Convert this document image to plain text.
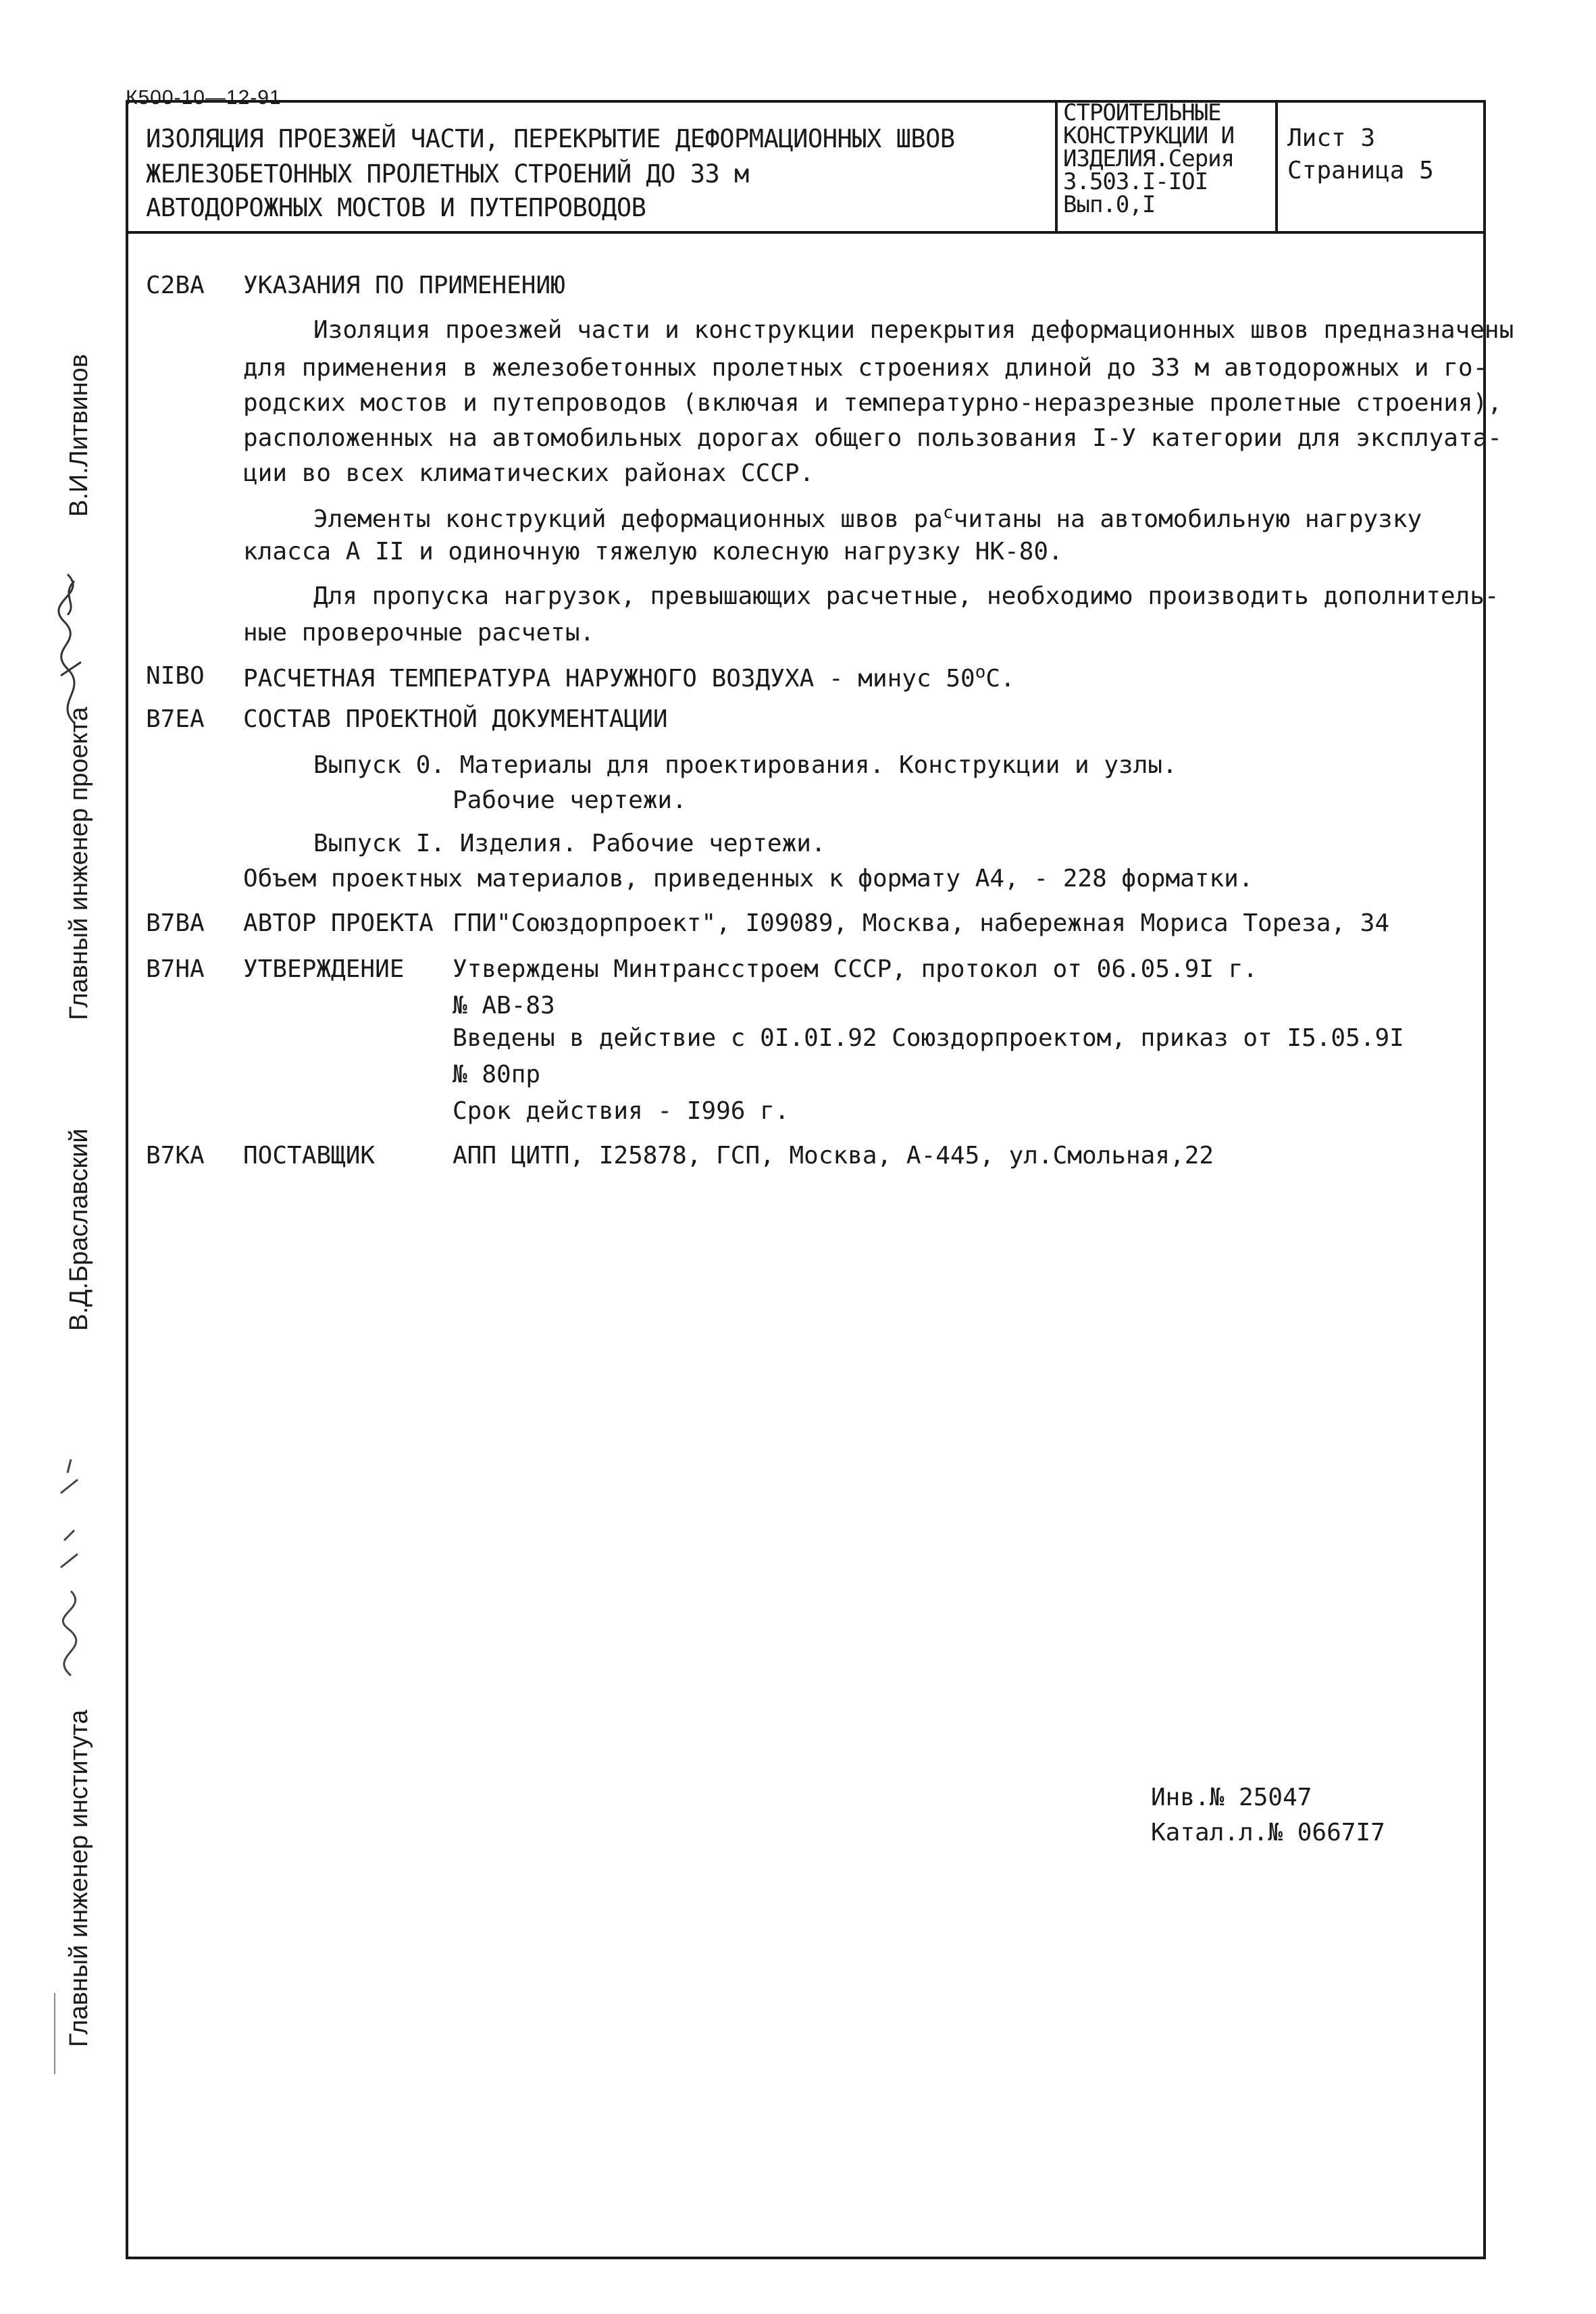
К500-10—12-91
ИЗОЛЯЦИЯ ПРОЕЗЖЕЙ ЧАСТИ, ПЕРЕКРЫТИЕ ДЕФОРМАЦИОННЫХ ШВОВ
ЖЕЛЕЗОБЕТОННЫХ ПРОЛЕТНЫХ СТРОЕНИЙ ДО 33 м
АВТОДОРОЖНЫХ МОСТОВ И ПУТЕПРОВОДОВ
СТРОИТЕЛЬНЫЕ
КОНСТРУКЦИИ И
ИЗДЕЛИЯ.Серия
3.503.I-IOI
Вып.0,I
Лист 3
Страница 5
С2ВА УКАЗАНИЯ ПО ПРИМЕНЕНИЮ
Изоляция проезжей части и конструкции перекрытия деформационных швов предназначены
для применения в железобетонных пролетных строениях длиной до 33 м автодорожных и го-
родских мостов и путепроводов (включая и температурно-неразрезные пролетные строения),
расположенных на автомобильных дорогах общего пользования I-У категории для эксплуата-
ции во всех климатических районах СССР.
Элементы конструкций деформационных швов $ра^считаны$ на автомобильную нагрузку
класса А II и одиночную тяжелую колесную нагрузку НК-80.
Для пропуска нагрузок, превышающих расчетные, необходимо производить дополнитель-
ные проверочные расчеты.
NIBO РАСЧЕТНАЯ ТЕМПЕРАТУРА НАРУЖНОГО ВОЗДУХА - минус $50^оС$.
В7ЕА СОСТАВ ПРОЕКТНОЙ ДОКУМЕНТАЦИИ
Выпуск 0. Материалы для проектирования. Конструкции и узлы.
Рабочие чертежи.
Выпуск I. Изделия. Рабочие чертежи.
Объем проектных материалов, приведенных к формату А4, - 228 форматки.
В7ВА АВТОР ПРОЕКТА ГПИ"Союздорпроект", I09089, Москва, набережная Мориса Тореза, 34
В7НА УТВЕРЖДЕНИЕ Утверждены Минтрансстроем СССР, протокол от 06.05.9I г.
№ АВ-83
Введены в действие с 0I.0I.92 Союздорпроектом, приказ от I5.05.9I
№ 80пр
Срок действия - I996 г.
В7КА ПОСТАВЩИК	АПП ЦИТП, I25878, ГСП, Москва, А-445, ул.Смольная,22
Инв.№ 25047
Катал.л.№ 0667I7
Главный инженер проекта
В.И.Литвинов
В.Д.Браславский
Главный инженер института
